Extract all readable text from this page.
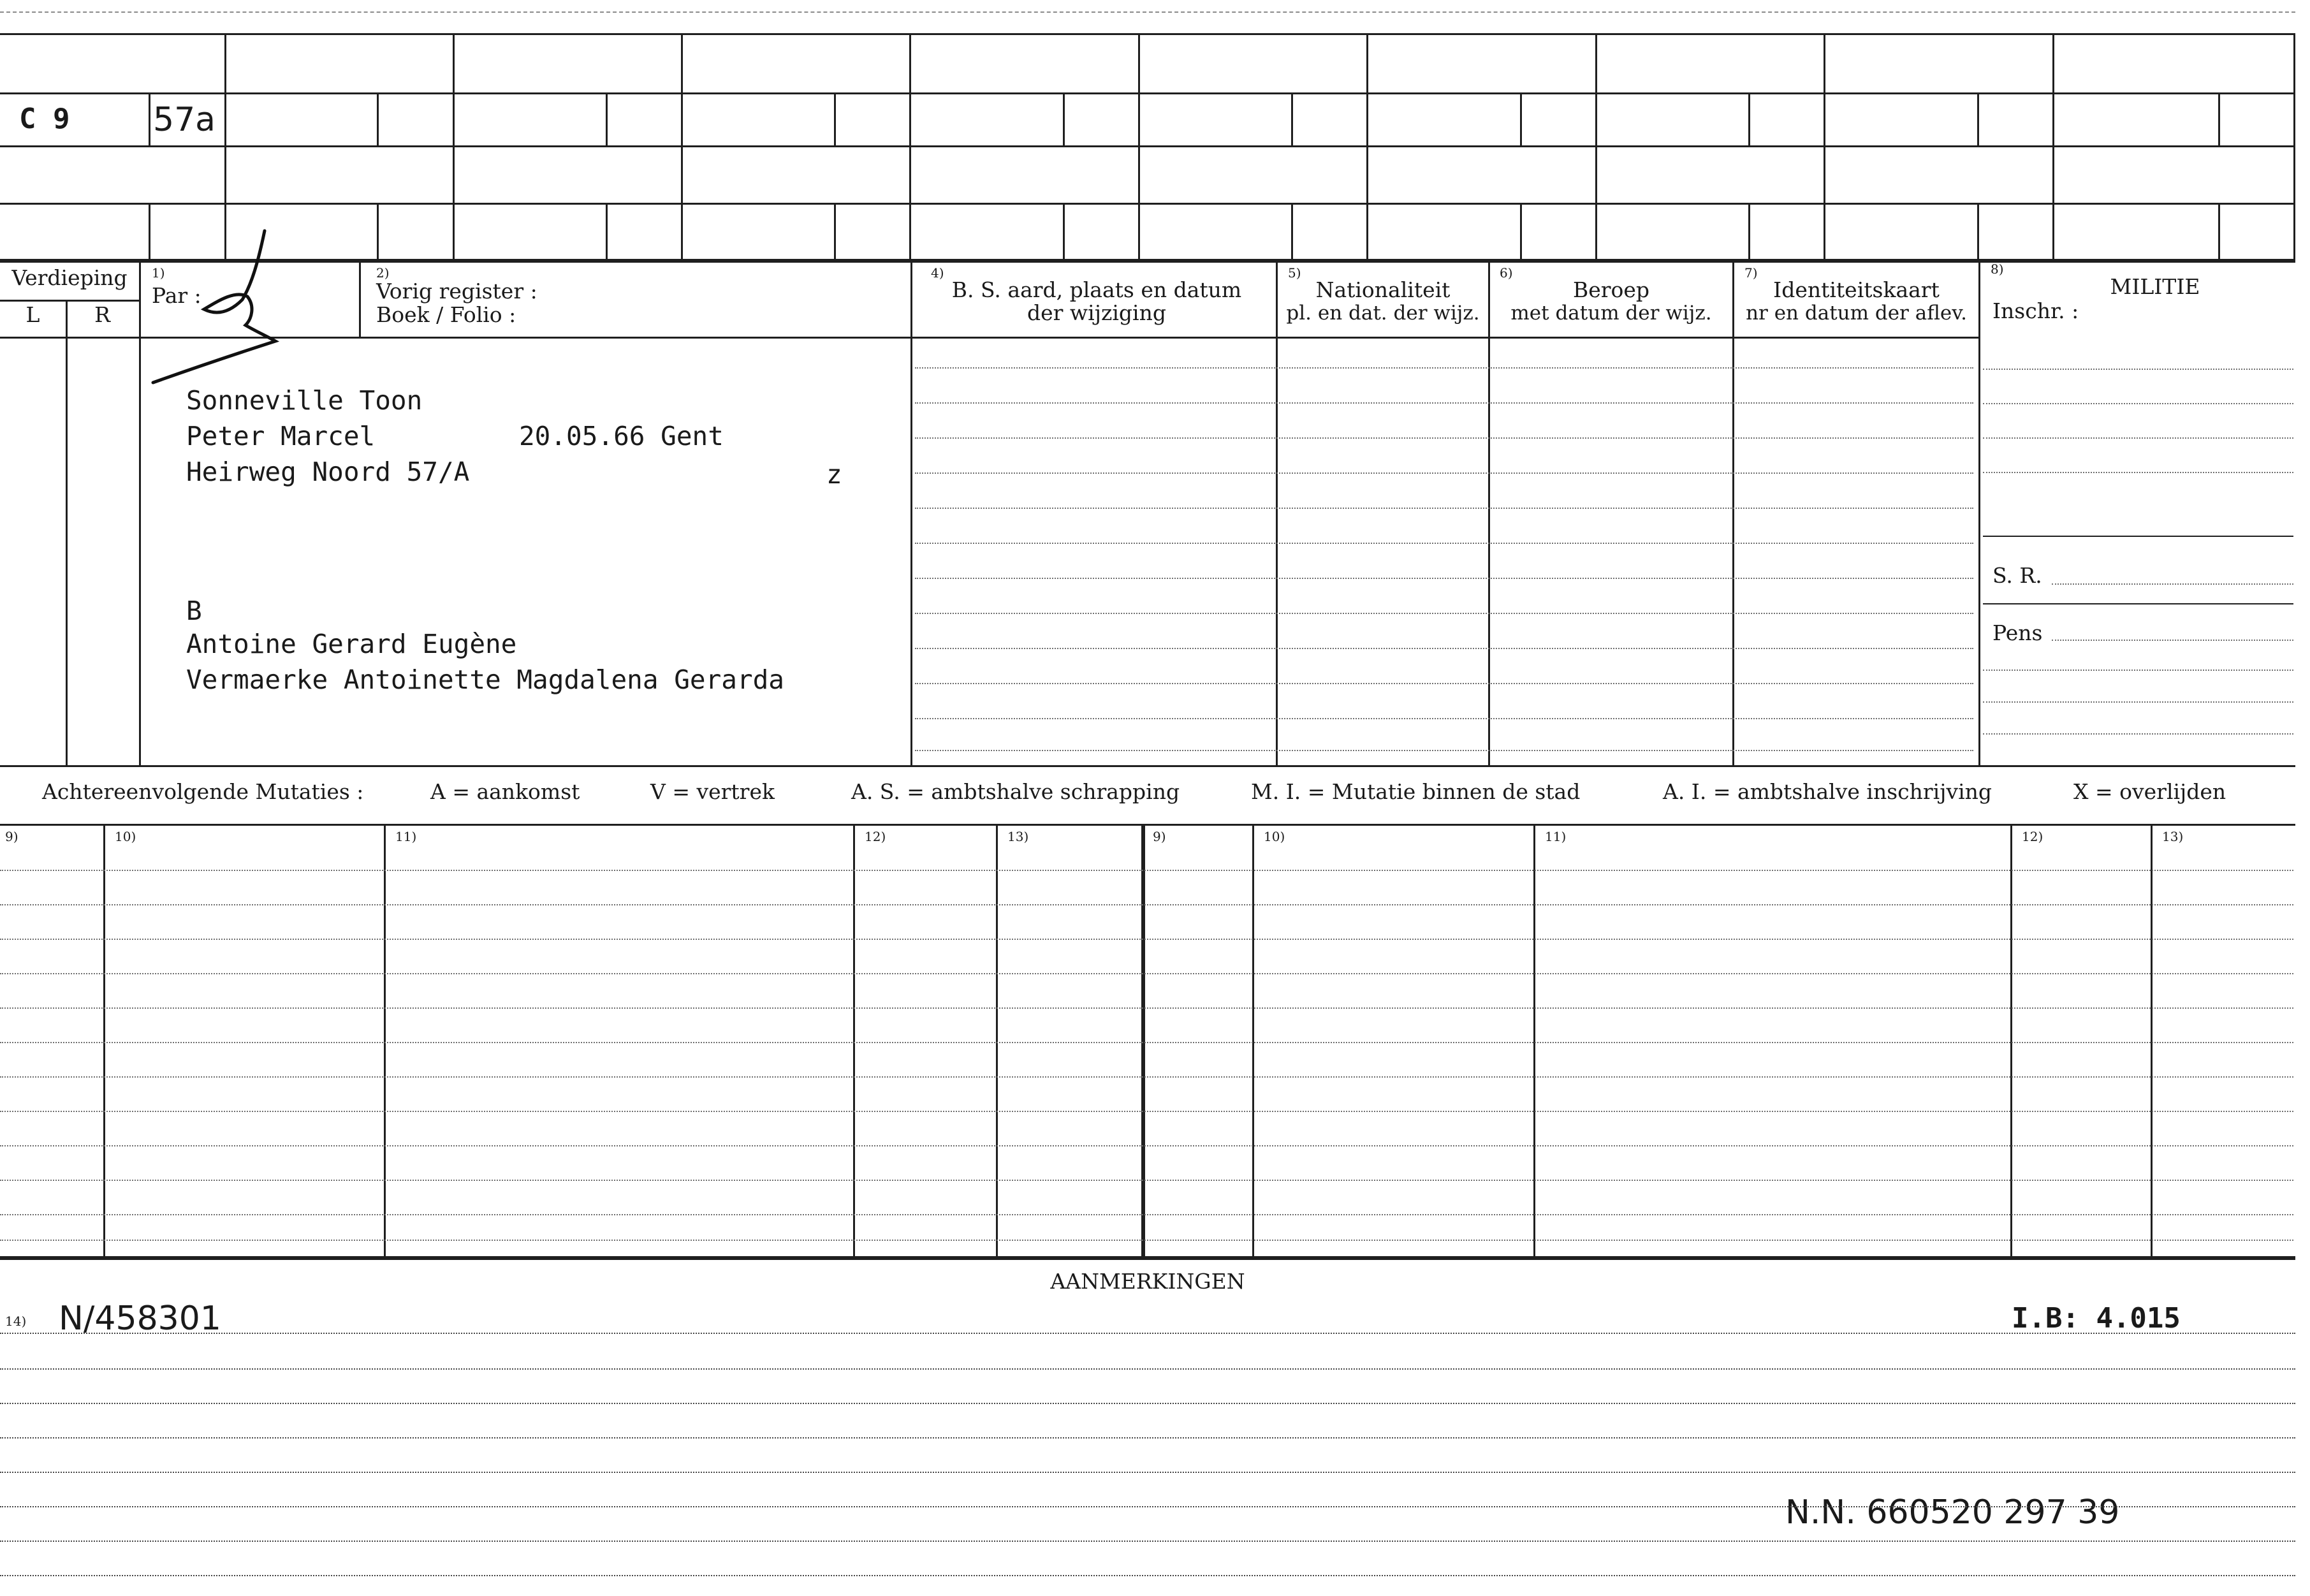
C 9	57a
Verdieping
L	R
1)
Par :
2)
Vorig register :
Boek / Folio :
4)
B. S. aard, plaats en datum
der wijziging
5)
Nationaliteit
pl. en dat. der wijz.
6)
Beroep
met datum der wijz.
7)
Identiteitskaart
nr en datum der aflev.
8)
MILITIE
Inschr. :
Sonneville Toon
Peter Marcel	20.05.66 Gent
Heirweg Noord 57/A	z
B
Antoine Gerard Eugène
Vermaerke Antoinette Magdalena Gerarda
S. R.
Pens
Achtereenvolgende Mutaties :	A = aankomst	V = vertrek	A. S. = ambtshalve schrapping	M. I. = Mutatie binnen de stad	A. I. = ambtshalve inschrijving	X = overlijden
9)	10)	11)	12)	13)	9)	10)	11)	12)	13)
AANMERKINGEN
14) N/458301	I.B: 4.015
N.N. 660520 297 39
